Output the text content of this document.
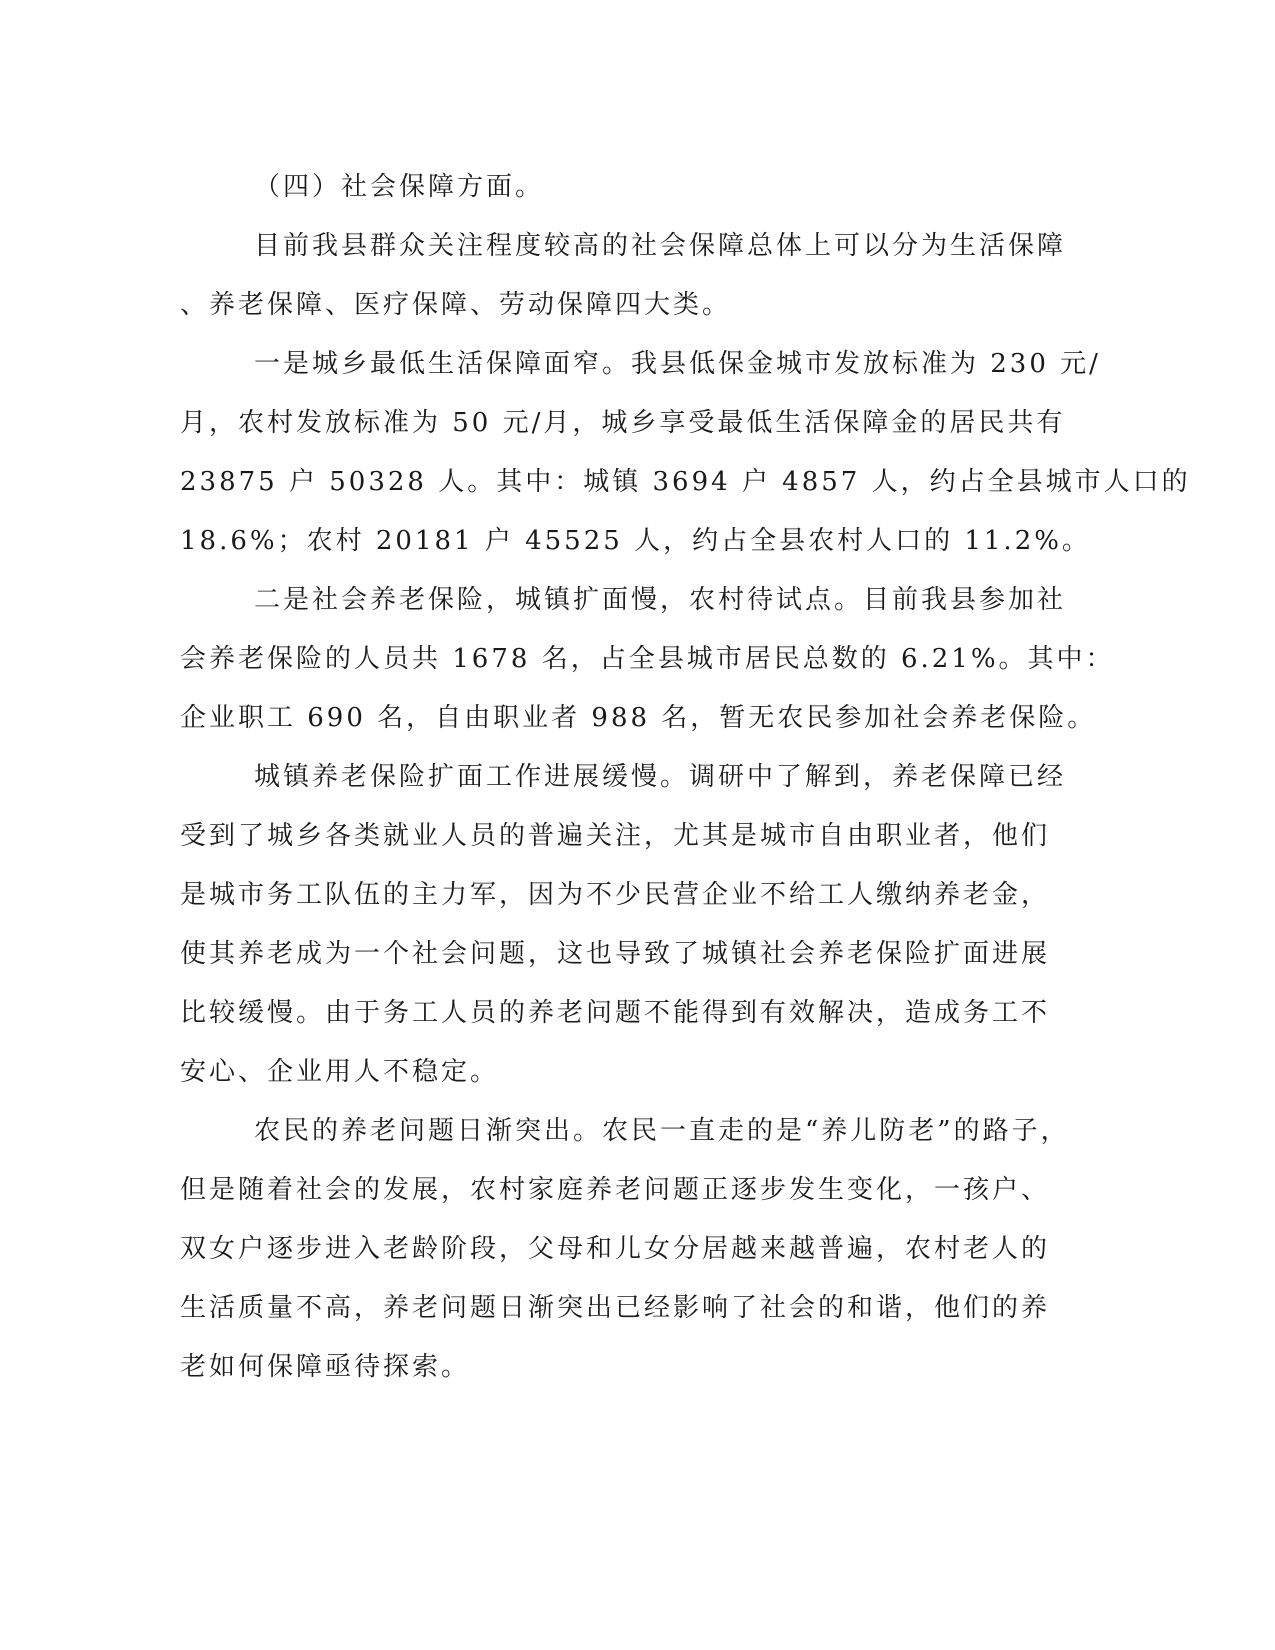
（四）社会保障方面。
目前我县群众关注程度较高的社会保障总体上可以分为生活保障
、养老保障、医疗保障、劳动保障四大类。
一是城乡最低生活保障面窄。我县低保金城市发放标准为 230 元/
月，农村发放标准为 50 元/月，城乡享受最低生活保障金的居民共有
23875 户 50328 人。其中：城镇 3694 户 4857 人，约占全县城市人口的
18.6%；农村 20181 户 45525 人，约占全县农村人口的 11.2%。
二是社会养老保险，城镇扩面慢，农村待试点。目前我县参加社
会养老保险的人员共 1678 名，占全县城市居民总数的 6.21%。其中：
企业职工 690 名，自由职业者 988 名，暂无农民参加社会养老保险。
城镇养老保险扩面工作进展缓慢。调研中了解到，养老保障已经
受到了城乡各类就业人员的普遍关注，尤其是城市自由职业者，他们
是城市务工队伍的主力军，因为不少民营企业不给工人缴纳养老金，
使其养老成为一个社会问题，这也导致了城镇社会养老保险扩面进展
比较缓慢。由于务工人员的养老问题不能得到有效解决，造成务工不
安心、企业用人不稳定。
农民的养老问题日渐突出。农民一直走的是“养儿防老”的路子，
但是随着社会的发展，农村家庭养老问题正逐步发生变化，一孩户、
双女户逐步进入老龄阶段，父母和儿女分居越来越普遍，农村老人的
生活质量不高，养老问题日渐突出已经影响了社会的和谐，他们的养
老如何保障亟待探索。
